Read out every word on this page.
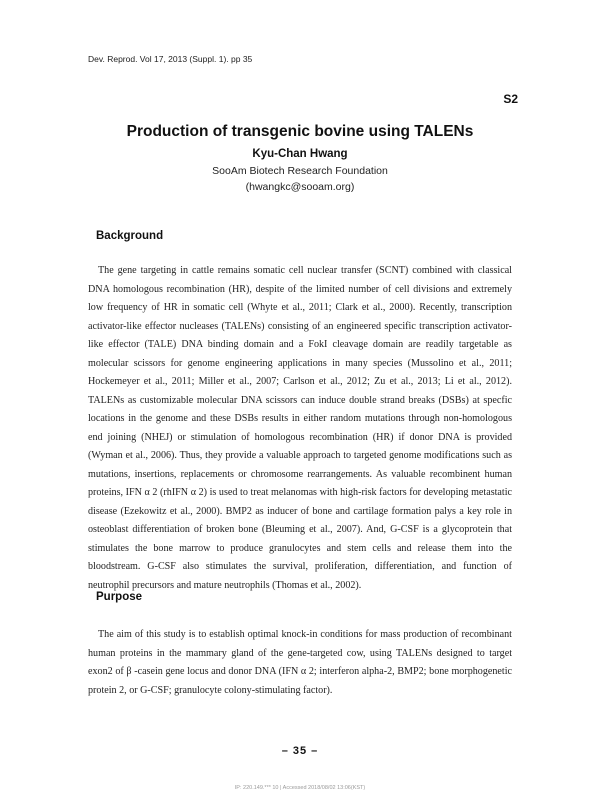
Dev. Reprod. Vol 17, 2013 (Suppl. 1). pp 35
S2
Production of transgenic bovine using TALENs
Kyu-Chan Hwang
SooAm Biotech Research Foundation
(hwangkc@sooam.org)
Background

The gene targeting in cattle remains somatic cell nuclear transfer (SCNT) combined with classical DNA homologous recombination (HR), despite of the limited number of cell divisions and extremely low frequency of HR in somatic cell (Whyte et al., 2011; Clark et al., 2000). Recently, transcription activator-like effector nucleases (TALENs) consisting of an engineered specific transcription activator-like effector (TALE) DNA binding domain and a FokI cleavage domain are readily targetable as molecular scissors for genome engineering applications in many species (Mussolino et al., 2011; Hockemeyer et al., 2011; Miller et al., 2007; Carlson et al., 2012; Zu et al., 2013; Li et al., 2012). TALENs as customizable molecular DNA scissors can induce double strand breaks (DSBs) at specfic locations in the genome and these DSBs results in either random mutations through non-homologous end joining (NHEJ) or stimulation of homologous recombination (HR) if donor DNA is provided (Wyman et al., 2006). Thus, they provide a valuable approach to targeted genome modifications such as mutations, insertions, replacements or chromosome rearrangements. As valuable recombinent human proteins, IFN α 2 (rhIFN α 2) is used to treat melanomas with high-risk factors for developing metastatic disease (Ezekowitz et al., 2000). BMP2 as inducer of bone and cartilage formation palys a key role in osteoblast differentiation of broken bone (Bleuming et al., 2007). And, G-CSF is a glycoprotein that stimulates the bone marrow to produce granulocytes and stem cells and release them into the bloodstream. G-CSF also stimulates the survival, proliferation, differentiation, and function of neutrophil precursors and mature neutrophils (Thomas et al., 2002).

Purpose

The aim of this study is to establish optimal knock-in conditions for mass production of recombinant human proteins in the mammary gland of the gene-targeted cow, using TALENs designed to target exon2 of β -casein gene locus and donor DNA (IFN α 2; interferon alpha-2, BMP2; bone morphogenetic protein 2, or G-CSF; granulocyte colony-stimulating factor).

– 35 –
IP: 220.149.*** 10 | Accessed 2018/08/02 13:06(KST)
